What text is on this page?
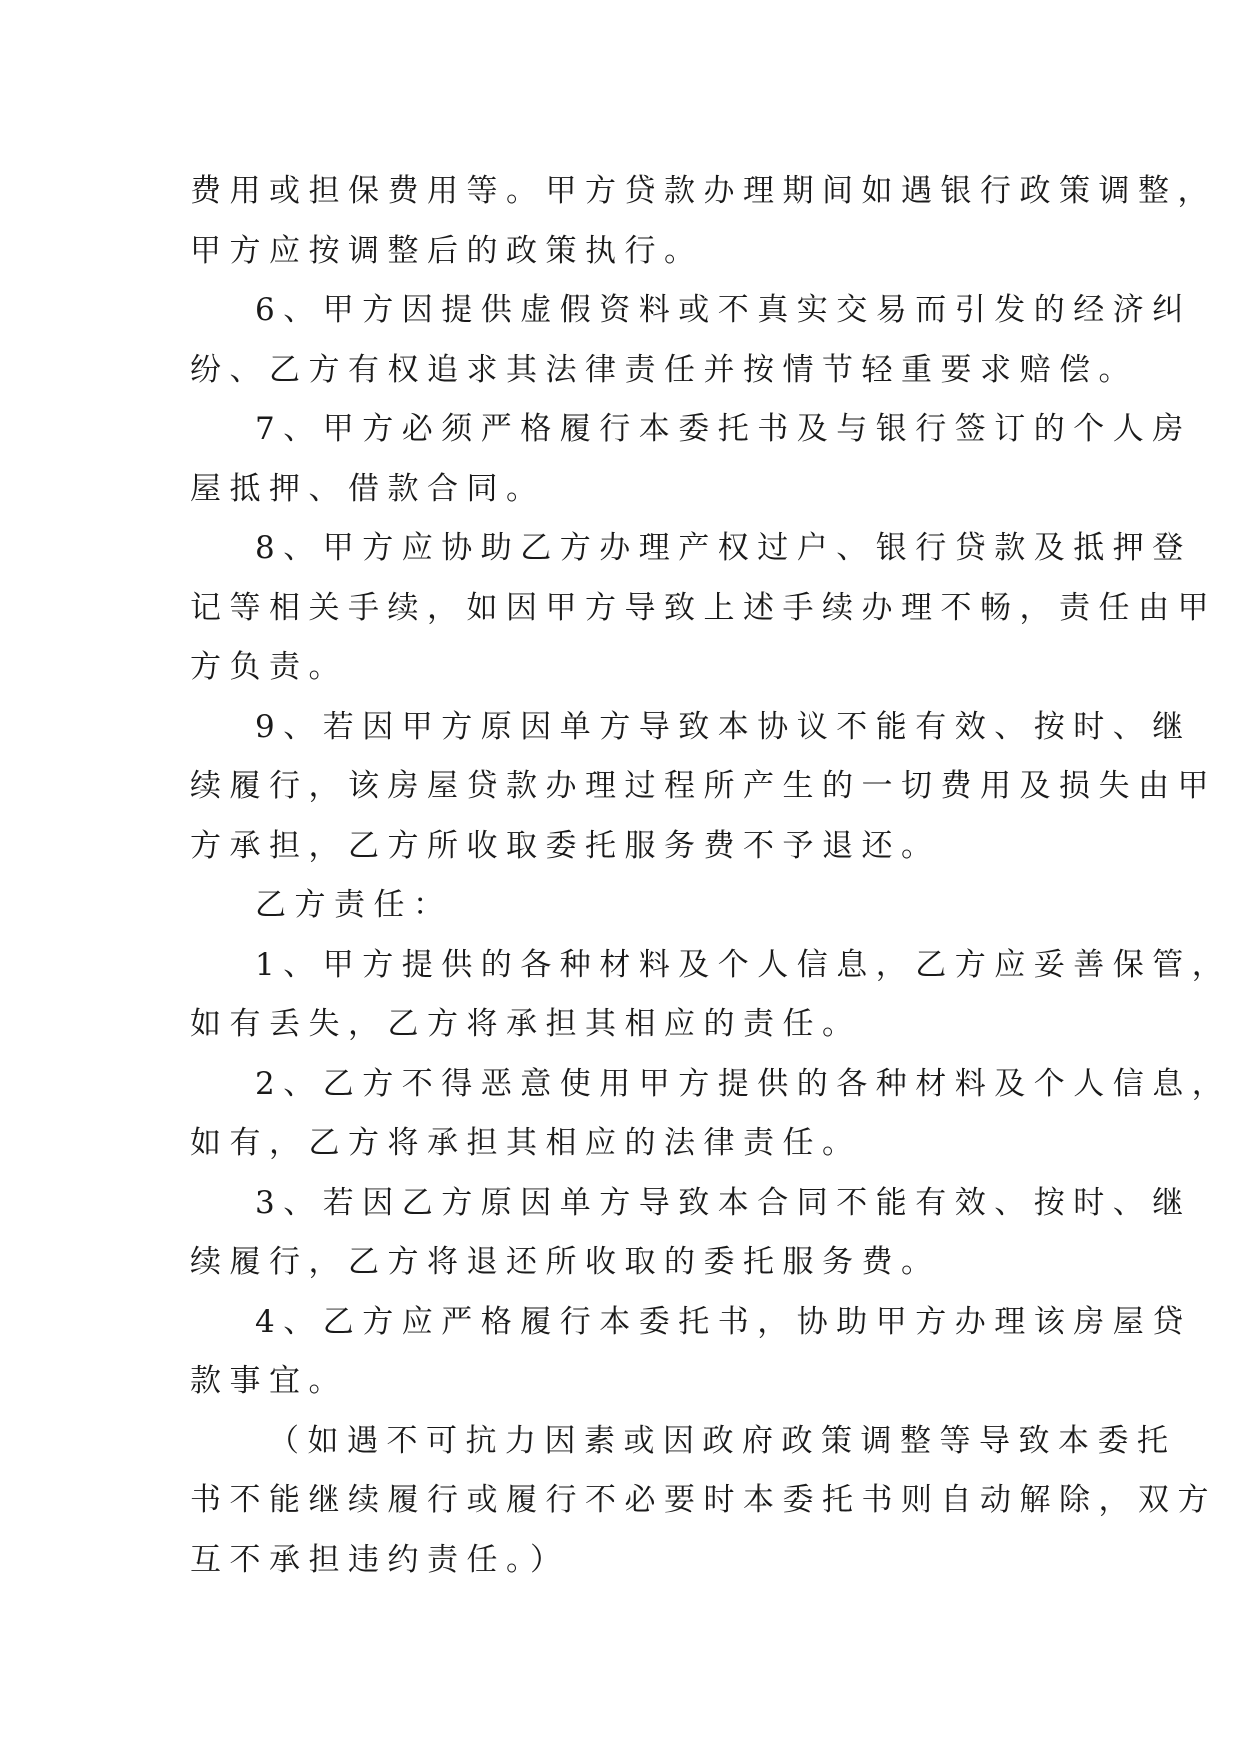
费用或担保费用等。甲方贷款办理期间如遇银行政策调整，
甲方应按调整后的政策执行。
6、甲方因提供虚假资料或不真实交易而引发的经济纠
纷、乙方有权追求其法律责任并按情节轻重要求赔偿。
7、甲方必须严格履行本委托书及与银行签订的个人房
屋抵押、借款合同。
8、甲方应协助乙方办理产权过户、银行贷款及抵押登
记等相关手续，如因甲方导致上述手续办理不畅，责任由甲
方负责。
9、若因甲方原因单方导致本协议不能有效、按时、继
续履行，该房屋贷款办理过程所产生的一切费用及损失由甲
方承担，乙方所收取委托服务费不予退还。
乙方责任：
1、甲方提供的各种材料及个人信息，乙方应妥善保管，
如有丢失，乙方将承担其相应的责任。
2、乙方不得恶意使用甲方提供的各种材料及个人信息，
如有，乙方将承担其相应的法律责任。
3、若因乙方原因单方导致本合同不能有效、按时、继
续履行，乙方将退还所收取的委托服务费。
4、乙方应严格履行本委托书，协助甲方办理该房屋贷
款事宜。
（如遇不可抗力因素或因政府政策调整等导致本委托
书不能继续履行或履行不必要时本委托书则自动解除，双方
互不承担违约责任。）
